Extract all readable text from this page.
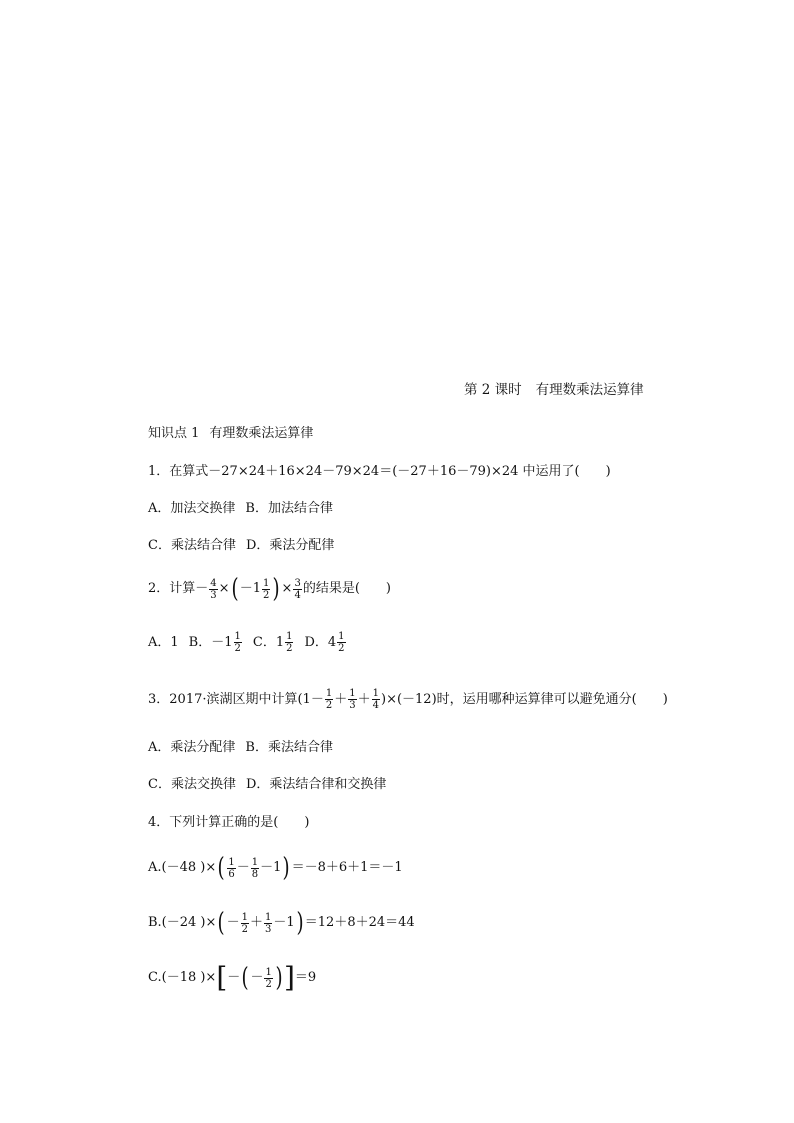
第 2 课时 有理数乘法运算律
知识点 1 有理数乘法运算律
1．在算式－27×24＋16×24－79×24＝(－27＋16－79)×24 中运用了( )
A．加法交换律 B．加法结合律
C．乘法结合律 D．乘法分配律
2．计算－ $\frac{4}{3}$ × ( $-1 \frac{1}{2}$ ) × $\frac{3}{4}$ 的结果是( )
A．1 B．$-1 \frac{1}{2}$ C．$1 \frac{1}{2}$ D．$4 \frac{1}{2}$
3．2017·滨湖区期中计算$(1- \frac{1}{2} + \frac{1}{3} + \frac{1}{4} )\times(-12)$时，运用哪种运算律可以避免通分( )
A．乘法分配律 B．乘法结合律
C．乘法交换律 D．乘法结合律和交换律
4．下列计算正确的是( )
A.(－48 )× ( $\frac{1}{6} - \frac{1}{8} -1$ ) ＝－8＋6＋1＝－1
B.(－24 )× ( － $\frac{1}{2} + \frac{1}{3} -1$ ) ＝12＋8＋24＝44
C.(－18 )× [ － ( － $\frac{1}{2}$ ) ] ＝9
